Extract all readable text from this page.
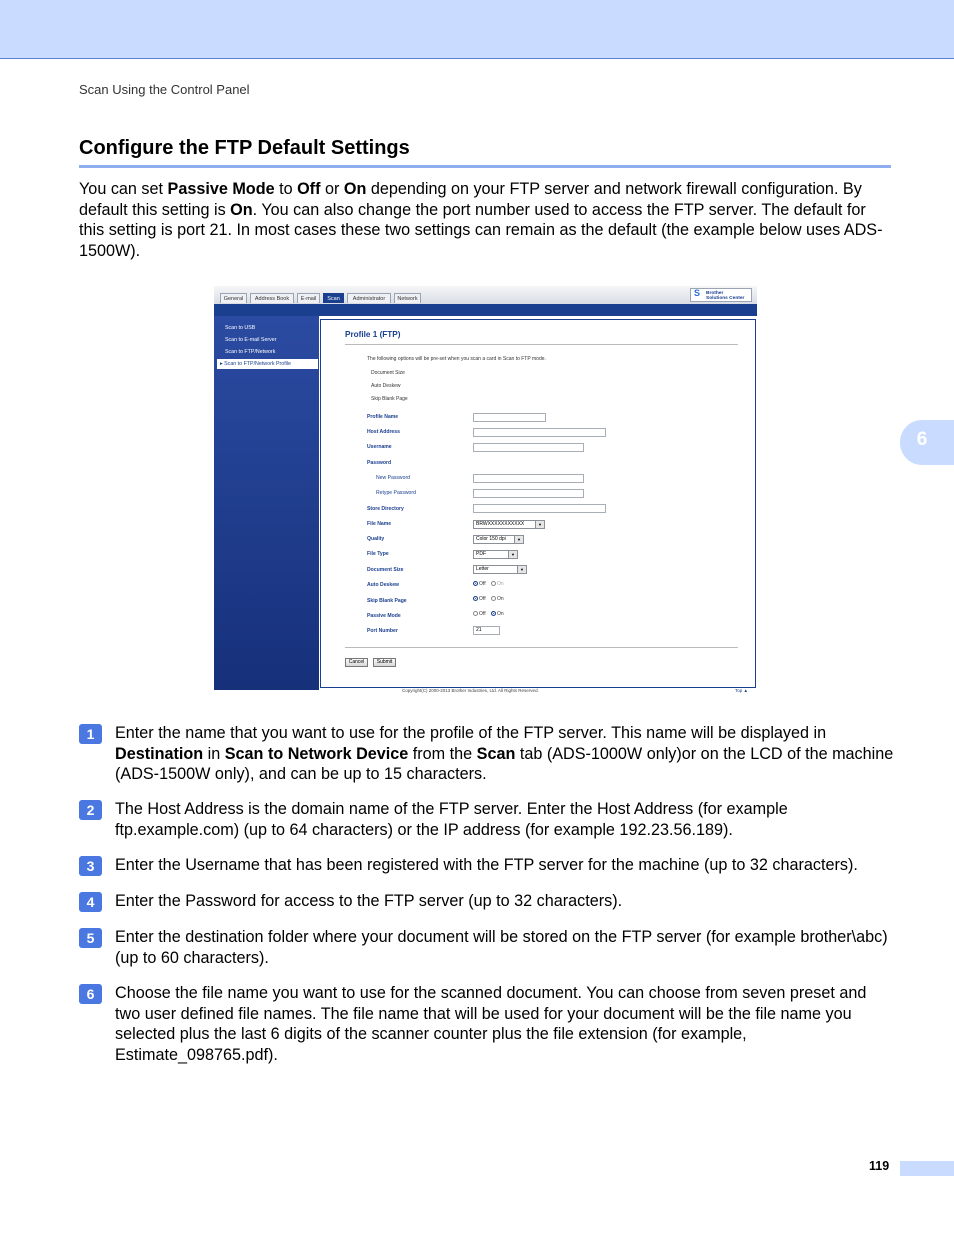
Scan Using the Control Panel
Configure the FTP Default Settings

You can set Passive Mode to Off or On depending on your FTP server and network firewall configuration. By default this setting is On. You can also change the port number used to access the FTP server. The default for this setting is port 21. In most cases these two settings can remain as the default (the example below uses ADS-1500W).

6
General	Address Book	E-mail	Scan	Administrator	Network
S Brother
Solutions Center
Scan to USB
Scan to E-mail Server
Scan to FTP/Network
▸ Scan to FTP/Network Profile
Profile 1 (FTP)
The following options will be pre-set when you scan a card in Scan to FTP mode.
Document Size
Auto Deskew
Skip Blank Page
Profile Name
Host Address
Username
Password
New Password
Retype Password
Store Directory
File Name	BRWXXXXXXXXXXX	▼
Quality	Color 150 dpi	▼
File Type	PDF	▼
Document Size	Letter	▼
Auto Deskew	Off On
Skip Blank Page	Off On
Passive Mode	Off On
Port Number	21
Cancel	Submit
Copyright(C) 2000-2013 Brother Industries, Ltd. All Rights Reserved.	Top ▲
1	Enter the name that you want to use for the profile of the FTP server. This name will be displayed in Destination in Scan to Network Device from the Scan tab (ADS-1000W only)or on the LCD of the machine (ADS-1500W only), and can be up to 15 characters.

2	The Host Address is the domain name of the FTP server. Enter the Host Address (for example ftp.example.com) (up to 64 characters) or the IP address (for example 192.23.56.189).

3	Enter the Username that has been registered with the FTP server for the machine (up to 32 characters).

4	Enter the Password for access to the FTP server (up to 32 characters).

5	Enter the destination folder where your document will be stored on the FTP server (for example brother\abc) (up to 60 characters).

6	Choose the file name you want to use for the scanned document. You can choose from seven preset and two user defined file names. The file name that will be used for your document will be the file name you selected plus the last 6 digits of the scanner counter plus the file extension (for example, Estimate_098765.pdf).

119
